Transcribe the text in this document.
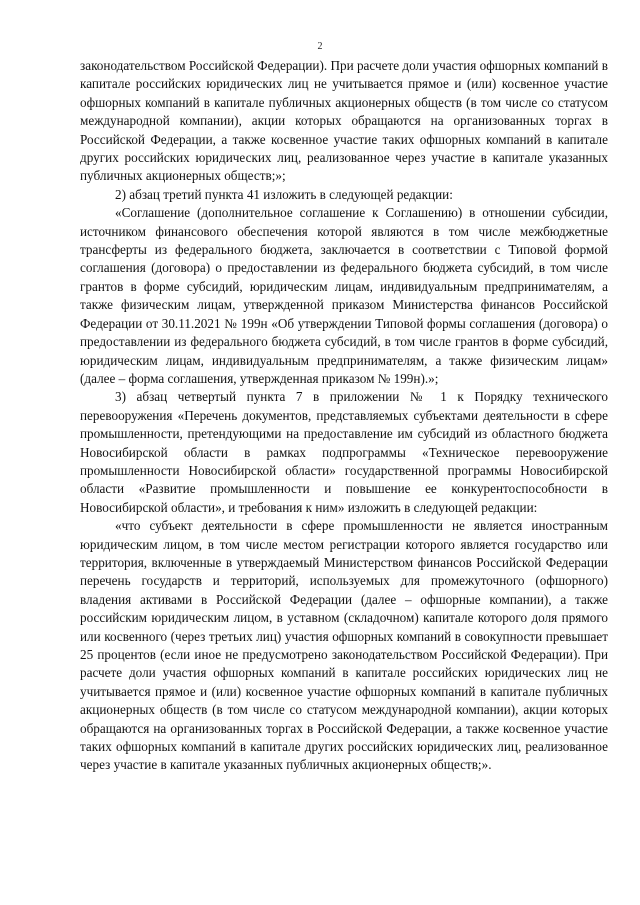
2

законодательством Российской Федерации). При расчете доли участия офшорных компаний в капитале российских юридических лиц не учитывается прямое и (или) косвенное участие офшорных компаний в капитале публичных акционерных обществ (в том числе со статусом международной компании), акции которых обращаются на организованных торгах в Российской Федерации, а также косвенное участие таких офшорных компаний в капитале других российских юридических лиц, реализованное через участие в капитале указанных публичных акционерных обществ;»;

2) абзац третий пункта 41 изложить в следующей редакции:

«Соглашение (дополнительное соглашение к Соглашению) в отношении субсидии, источником финансового обеспечения которой являются в том числе межбюджетные трансферты из федерального бюджета, заключается в соответствии с Типовой формой соглашения (договора) о предоставлении из федерального бюджета субсидий, в том числе грантов в форме субсидий, юридическим лицам, индивидуальным предпринимателям, а также физическим лицам, утвержденной приказом Министерства финансов Российской Федерации от 30.11.2021 № 199н «Об утверждении Типовой формы соглашения (договора) о предоставлении из федерального бюджета субсидий, в том числе грантов в форме субсидий, юридическим лицам, индивидуальным предпринимателям, а также физическим лицам» (далее – форма соглашения, утвержденная приказом № 199н).»;

3) абзац четвертый пункта 7 в приложении № 1 к Порядку технического перевооружения «Перечень документов, представляемых субъектами деятельности в сфере промышленности, претендующими на предоставление им субсидий из областного бюджета Новосибирской области в рамках подпрограммы «Техническое перевооружение промышленности Новосибирской области» государственной программы Новосибирской области «Развитие промышленности и повышение ее конкурентоспособности в Новосибирской области», и требования к ним» изложить в следующей редакции:

«что субъект деятельности в сфере промышленности не является иностранным юридическим лицом, в том числе местом регистрации которого является государство или территория, включенные в утверждаемый Министерством финансов Российской Федерации перечень государств и территорий, используемых для промежуточного (офшорного) владения активами в Российской Федерации (далее – офшорные компании), а также российским юридическим лицом, в уставном (складочном) капитале которого доля прямого или косвенного (через третьих лиц) участия офшорных компаний в совокупности превышает 25 процентов (если иное не предусмотрено законодательством Российской Федерации). При расчете доли участия офшорных компаний в капитале российских юридических лиц не учитывается прямое и (или) косвенное участие офшорных компаний в капитале публичных акционерных обществ (в том числе со статусом международной компании), акции которых обращаются на организованных торгах в Российской Федерации, а также косвенное участие таких офшорных компаний в капитале других российских юридических лиц, реализованное через участие в капитале указанных публичных акционерных обществ;».
